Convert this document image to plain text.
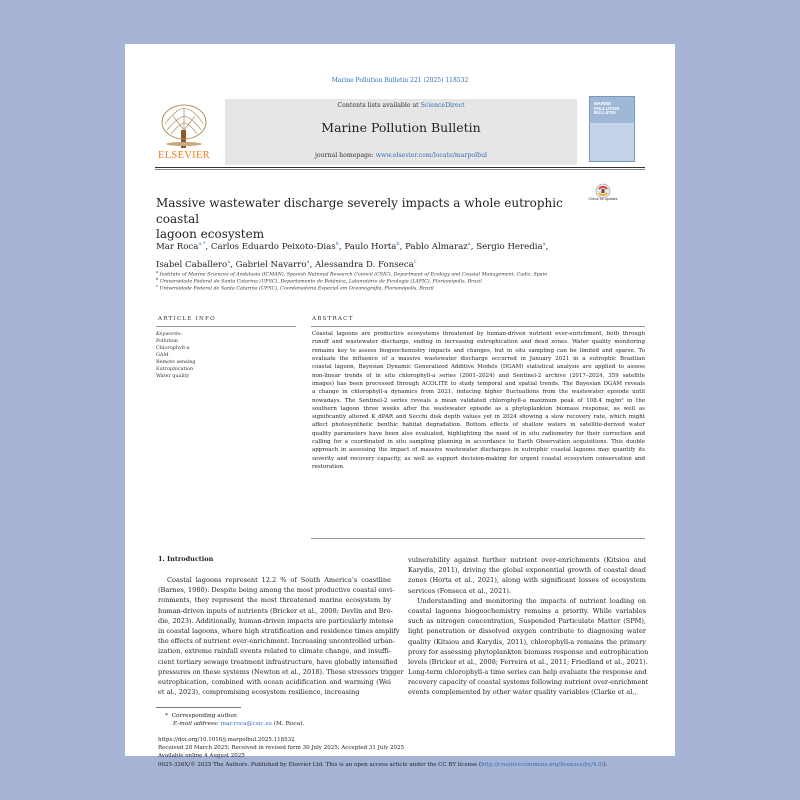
Marine Pollution Bulletin 221 (2025) 118532
ELSEVIER
Contents lists available at ScienceDirect
Marine Pollution Bulletin
journal homepage: www.elsevier.com/locate/marpolbul
MARINE POLLUTION BULLETIN
Massive wastewater discharge severely impacts a whole eutrophic coastal
lagoon ecosystem
Check for updates
Mar Roca$^{a,*}$, Carlos Eduardo Peixoto-Dias$^b$, Paulo Horta$^b$, Pablo Almaraz$^a$, Sergio Heredia$^a$,
Isabel Caballero$^a$, Gabriel Navarro$^a$, Alessandra D. Fonseca$^c$
$^a$ Institute of Marine Sciences of Andalusia (ICMAN), Spanish National Research Council (CSIC), Department of Ecology and Coastal Management, Cadiz, Spain
$^b$ Universidade Federal de Santa Catarina (UFSC), Departamento de Botânica, Laboratório de Ficologia (LAFIC), Florianópolis, Brazil
$^c$ Universidade Federal de Santa Catarina (UFSC), Coordenadoria Especial em Oceanografia, Florianópolis, Brazil
ARTICLE INFO	ABSTRACT
Keywords:
Pollution
Chlorophyll-a
GAM
Remote sensing
Eutrophication
Water quality
Coastal lagoons are productive ecosystems threatened by human-driven nutrient over-enrichment, both through
runoff and wastewater discharge, ending in increasing eutrophication and dead zones. Water quality monitoring
remains key to assess biogeochemistry impacts and changes, but in situ sampling can be limited and sparse. To
evaluate the influence of a massive wastewater discharge occurred in January 2021 in a eutrophic Brazilian
coastal lagoon, Bayesian Dynamic Generalized Additive Models (DGAM) statistical analysis are applied to assess
non-linear trends of in situ chlorophyll-a series (2001–2024) and Sentinel-2 archive (2017–2024, 359 satellite
images) has been processed through ACOLITE to study temporal and spatial trends. The Bayesian DGAM reveals
a change in chlorophyll-a dynamics from 2021, inducing higher fluctuations from the wastewater episode until
nowadays. The Sentinel-2 series reveals a mean validated chlorophyll-a maximum peak of 108.4 mg/m³ in the
southern lagoon three weeks after the wastewater episode as a phytoplankton biomass response, as well as
significantly altered K_dPAR and Secchi disk depth values yet in 2024 showing a slow recovery rate, which might
affect photosynthetic benthic habitat degradation. Bottom effects of shallow waters in satellite-derived water
quality parameters have been also evaluated, highlighting the need of in situ radiometry for their correction and
calling for a coordinated in situ sampling planning in accordance to Earth Observation acquisitions. This double
approach in assessing the impact of massive wastewater discharges in eutrophic coastal lagoons may quantify its
severity and recovery capacity, as well as support decision-making for urgent coastal ecosystem conservation and
restoration.
1. Introduction
Coastal lagoons represent 12.2 % of South America’s coastline
(Barnes, 1980). Despite being among the most productive coastal envi-
ronments, they represent the most threatened marine ecosystem by
human-driven inputs of nutrients (Bricker et al., 2008; Devlin and Bro-
die, 2023). Additionally, human-driven impacts are particularly intense
in coastal lagoons, where high stratification and residence times amplify
the effects of nutrient over-enrichment. Increasing uncontrolled urban-
ization, extreme rainfall events related to climate change, and insuffi-
cient tertiary sewage treatment infrastructure, have globally intensified
pressures on these systems (Newton et al., 2018). These stressors trigger
eutrophication, combined with ocean acidification and warming (Wei
et al., 2023), compromising ecosystem resilience, increasing
vulnerability against further nutrient over-enrichments (Kitsiou and
Karydis, 2011), driving the global exponential growth of coastal dead
zones (Horta et al., 2021), along with significant losses of ecosystem
services (Fonseca et al., 2021).
Understanding and monitoring the impacts of nutrient loading on
coastal lagoons biogeochemistry remains a priority. While variables
such as nitrogen concentration, Suspended Particulate Matter (SPM),
light penetration or dissolved oxygen contribute to diagnosing water
quality (Kitsiou and Karydis, 2011), chlorophyll-a remains the primary
proxy for assessing phytoplankton biomass response and eutrophication
levels (Bricker et al., 2008; Ferreira et al., 2011; Friedland et al., 2021).
Long-term chlorophyll-a time series can help evaluate the response and
recovery capacity of coastal systems following nutrient over-enrichment
events complemented by other water quality variables (Clarke et al.,
* Corresponding author.
E-mail address: mar.roca@csic.es (M. Roca).
https://doi.org/10.1016/j.marpolbul.2025.118532
Received 28 March 2025; Received in revised form 30 July 2025; Accepted 31 July 2025
Available online 4 August 2025
0025-326X/© 2025 The Authors. Published by Elsevier Ltd. This is an open access article under the CC BY license (http://creativecommons.org/licenses/by/4.0/).
